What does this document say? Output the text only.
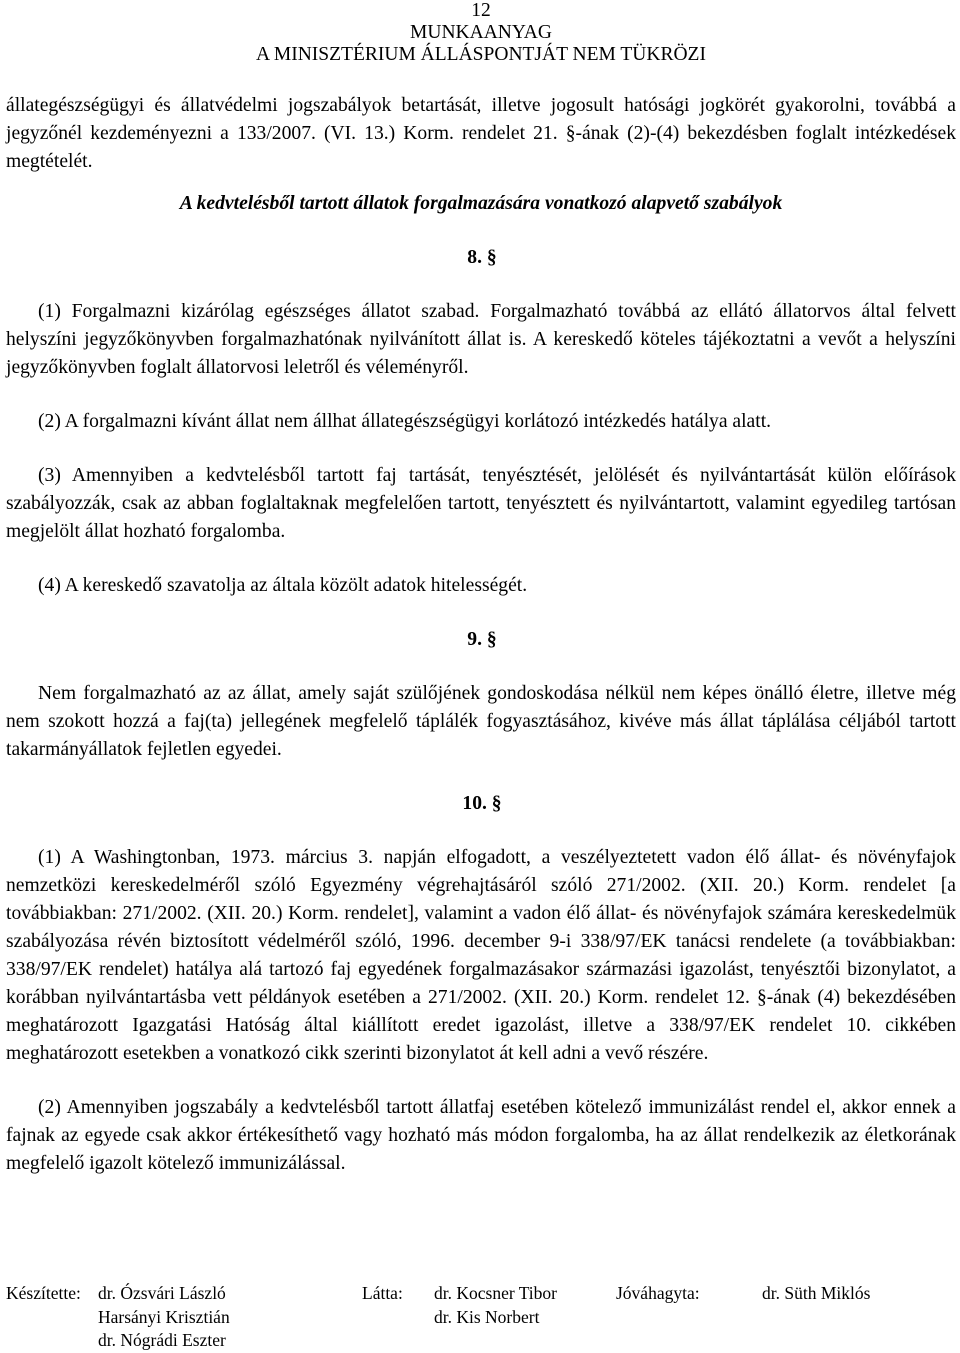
12
MUNKAANYAG
A MINISZTÉRIUM ÁLLÁSPONTJÁT NEM TÜKRÖZI

állategészségügyi és állatvédelmi jogszabályok betartását, illetve jogosult hatósági jogkörét gyakorolni, továbbá a jegyzőnél kezdeményezni a 133/2007. (VI. 13.) Korm. rendelet 21. §-ának (2)-(4) bekezdésben foglalt intézkedések megtételét.

A kedvtelésből tartott állatok forgalmazására vonatkozó alapvető szabályok

8. §

(1) Forgalmazni kizárólag egészséges állatot szabad. Forgalmazható továbbá az ellátó állatorvos által felvett helyszíni jegyzőkönyvben forgalmazhatónak nyilvánított állat is. A kereskedő köteles tájékoztatni a vevőt a helyszíni jegyzőkönyvben foglalt állatorvosi leletről és véleményről.

(2) A forgalmazni kívánt állat nem állhat állategészségügyi korlátozó intézkedés hatálya alatt.

(3) Amennyiben a kedvtelésből tartott faj tartását, tenyésztését, jelölését és nyilvántartását külön előírások szabályozzák, csak az abban foglaltaknak megfelelően tartott, tenyésztett és nyilvántartott, valamint egyedileg tartósan megjelölt állat hozható forgalomba.

(4) A kereskedő szavatolja az általa közölt adatok hitelességét.

9. §

Nem forgalmazható az az állat, amely saját szülőjének gondoskodása nélkül nem képes önálló életre, illetve még nem szokott hozzá a faj(ta) jellegének megfelelő táplálék fogyasztásához, kivéve más állat táplálása céljából tartott takarmányállatok fejletlen egyedei.

10. §

(1) A Washingtonban, 1973. március 3. napján elfogadott, a veszélyeztetett vadon élő állat- és növényfajok nemzetközi kereskedelméről szóló Egyezmény végrehajtásáról szóló 271/2002. (XII. 20.) Korm. rendelet [a továbbiakban: 271/2002. (XII. 20.) Korm. rendelet], valamint a vadon élő állat- és növényfajok számára kereskedelmük szabályozása révén biztosított védelméről szóló, 1996. december 9-i 338/97/EK tanácsi rendelete (a továbbiakban: 338/97/EK rendelet) hatálya alá tartozó faj egyedének forgalmazásakor származási igazolást, tenyésztői bizonylatot, a korábban nyilvántartásba vett példányok esetében a 271/2002. (XII. 20.) Korm. rendelet 12. §-ának (4) bekezdésében meghatározott Igazgatási Hatóság által kiállított eredet igazolást, illetve a 338/97/EK rendelet 10. cikkében meghatározott esetekben a vonatkozó cikk szerinti bizonylatot át kell adni a vevő részére.

(2) Amennyiben jogszabály a kedvtelésből tartott állatfaj esetében kötelező immunizálást rendel el, akkor ennek a fajnak az egyede csak akkor értékesíthető vagy hozható más módon forgalomba, ha az állat rendelkezik az életkorának megfelelő igazolt kötelező immunizálással.

Készítette: dr. Ózsvári László
Harsányi Krisztián
dr. Nógrádi Eszter
Látta: dr. Kocsner Tibor
dr. Kis Norbert
Jóváhagyta:	dr. Süth Miklós
